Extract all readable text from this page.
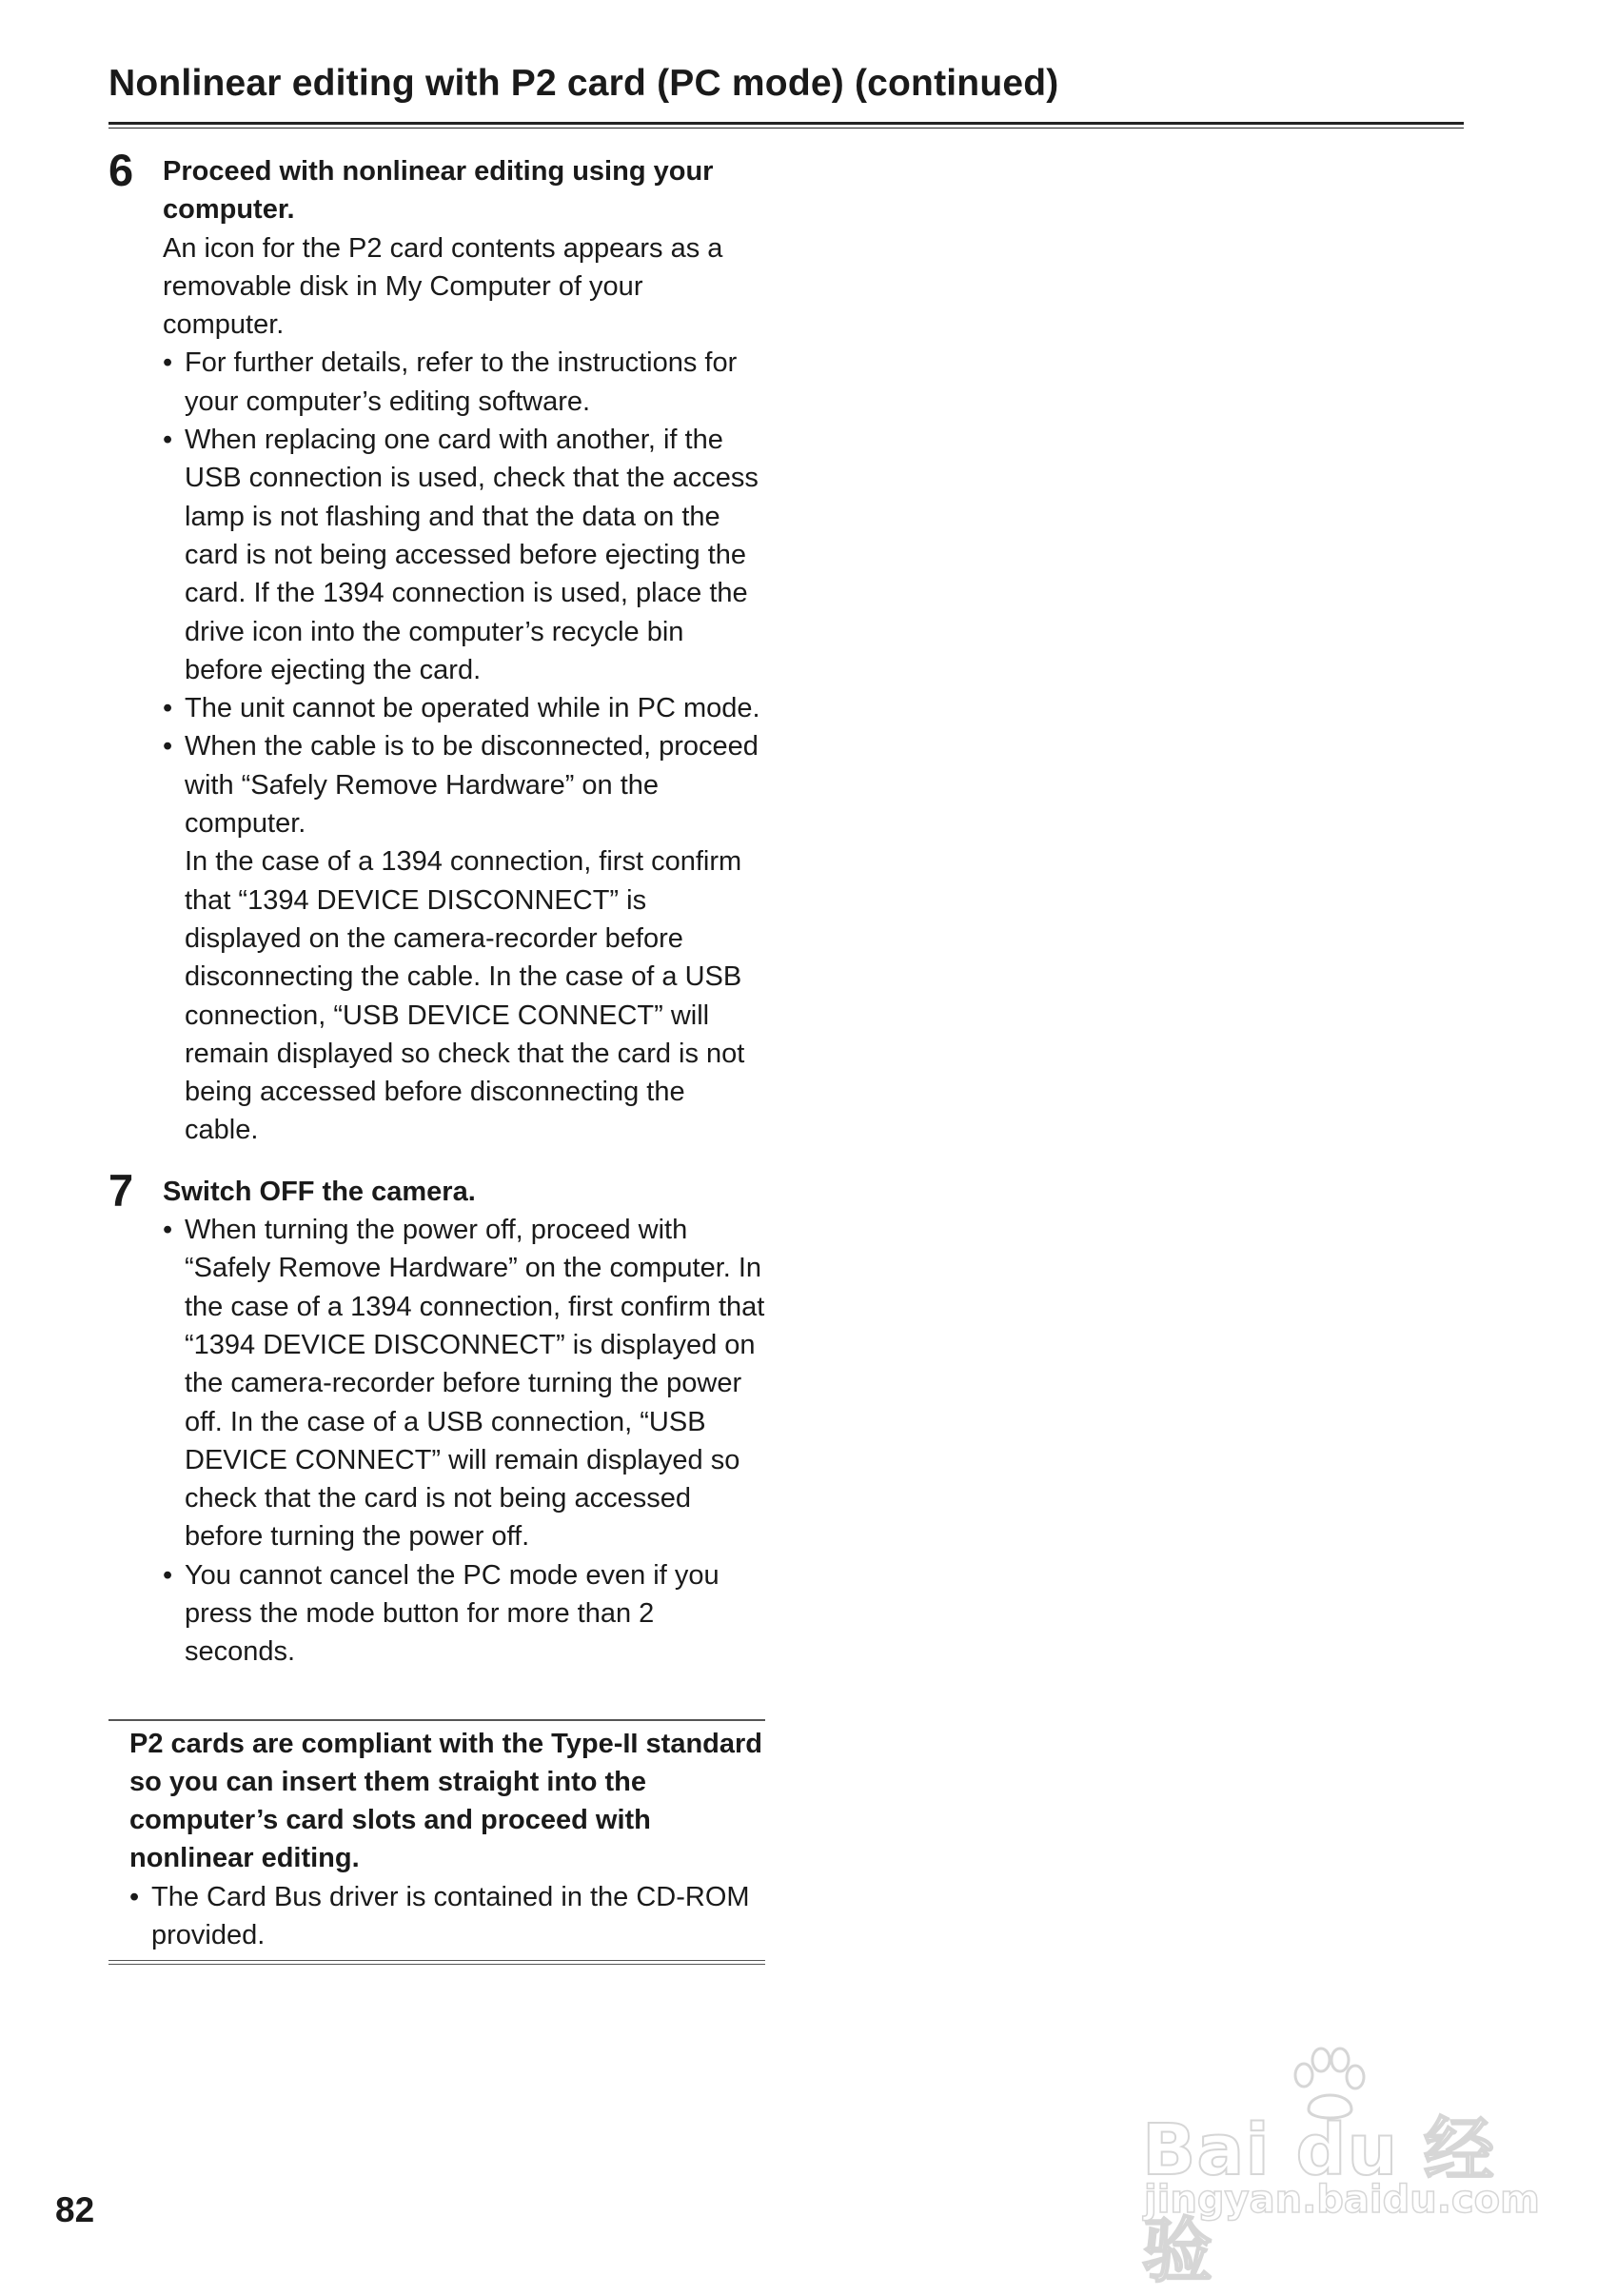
Nonlinear editing with P2 card (PC mode) (continued)
6 Proceed with nonlinear editing using your computer.

An icon for the P2 card contents appears as a removable disk in My Computer of your computer.

• For further details, refer to the instructions for your computer’s editing software.
• When replacing one card with another, if the USB connection is used, check that the access lamp is not flashing and that the data on the card is not being accessed before ejecting the card. If the 1394 connection is used, place the drive icon into the computer’s recycle bin before ejecting the card.
• The unit cannot be operated while in PC mode.
• When the cable is to be disconnected, proceed with “Safely Remove Hardware” on the computer.
In the case of a 1394 connection, first confirm that “1394 DEVICE DISCONNECT” is displayed on the camera-recorder before disconnecting the cable. In the case of a USB connection, “USB DEVICE CONNECT” will remain displayed so check that the card is not being accessed before disconnecting the cable.
7 Switch OFF the camera.
• When turning the power off, proceed with “Safely Remove Hardware” on the computer. In the case of a 1394 connection, first confirm that “1394 DEVICE DISCONNECT” is displayed on the camera-recorder before turning the power off. In the case of a USB connection, “USB DEVICE CONNECT” will remain displayed so check that the card is not being accessed before turning the power off.
• You cannot cancel the PC mode even if you press the mode button for more than 2 seconds.
P2 cards are compliant with the Type-II standard so you can insert them straight into the computer’s card slots and proceed with nonlinear editing.
• The Card Bus driver is contained in the CD-ROM provided.
82
Bai du 经验
jingyan.baidu.com
